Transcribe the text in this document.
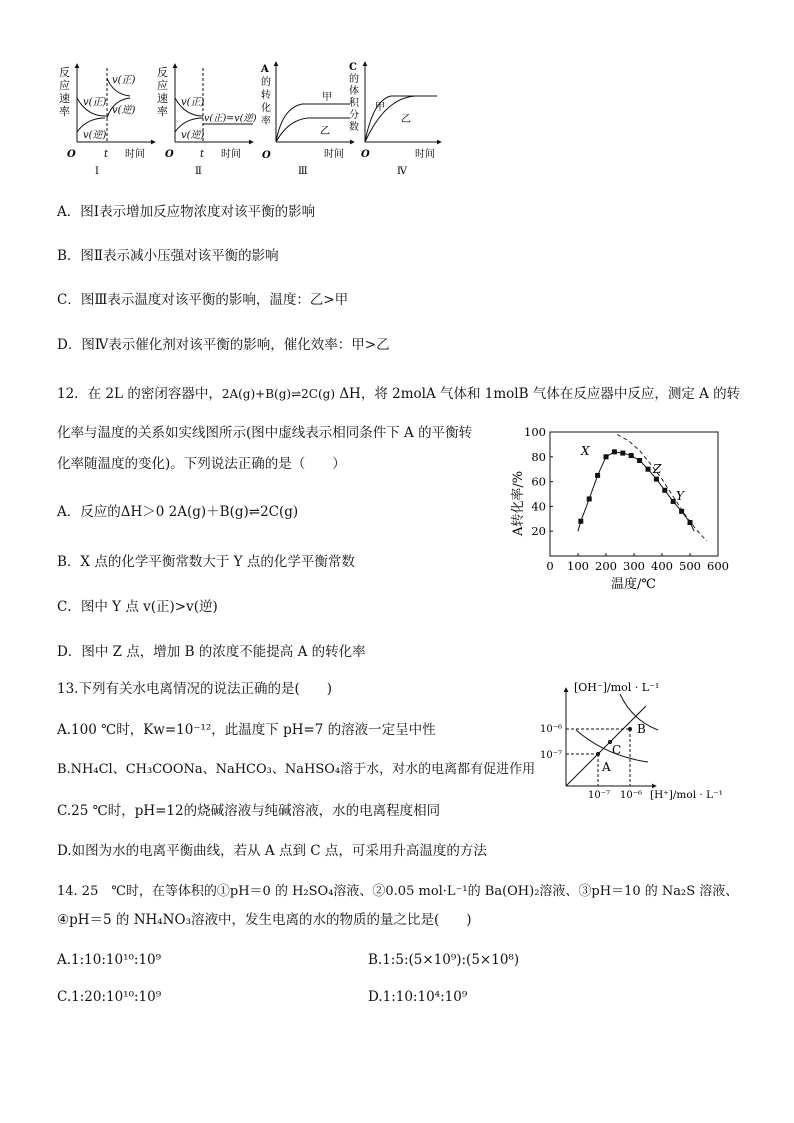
反
应
速
率
v(正)
v(逆)
v(正)
v(逆)
O	t 时间
Ⅰ
反
应
速
率
v(正)
v(逆)
v(正)=v(逆)
O	t 时间
Ⅱ
A
的
转
化
率
甲
乙
时间
Ⅲ
C
的
体
积
分
数
甲
乙
O	时间
Ⅳ
O
A．图Ⅰ表示增加反应物浓度对该平衡的影响
B．图Ⅱ表示减小压强对该平衡的影响
C．图Ⅲ表示温度对该平衡的影响，温度：乙>甲
D．图Ⅳ表示催化剂对该平衡的影响，催化效率：甲>乙
12．在 2L 的密闭容器中，2A(g)+B(g)⇌2C(g) ΔH，将 2molA 气体和 1molB 气体在反应器中反应，测定 A 的转
化率与温度的关系如实线图所示(图中虚线表示相同条件下 A 的平衡转
化率随温度的变化)。下列说法正确的是（　　）
A．反应的ΔH＞0 2A(g)＋B(g)⇌2C(g)
B．X 点的化学平衡常数大于 Y 点的化学平衡常数
C．图中 Y 点 v(正)>v(逆)
D．图中 Z 点，增加 B 的浓度不能提高 A 的转化率
0 100 200 300 400 500 600
20
40
60
80
100
X
Z
Y
A转化率/%
温度/℃
13.下列有关水电离情况的说法正确的是(　　)
A.100 ℃时，Kw=10⁻¹²，此温度下 pH=7 的溶液一定呈中性
B.NH₄Cl、CH₃COONa、NaHCO₃、NaHSO₄溶于水，对水的电离都有促进作用
C.25 ℃时，pH=12的烧碱溶液与纯碱溶液，水的电离程度相同
D.如图为水的电离平衡曲线，若从 A 点到 C 点，可采用升高温度的方法
[OH⁻]/mol · L⁻¹
B
C
A
10⁻⁶
10⁻⁷
10⁻⁷ 10⁻⁶ [H⁺]/mol · L⁻¹
14. 25　℃时，在等体积的①pH＝0 的 H₂SO₄溶液、②0.05 mol·L⁻¹的 Ba(OH)₂溶液、③pH＝10 的 Na₂S 溶液、
④pH＝5 的 NH₄NO₃溶液中，发生电离的水的物质的量之比是(　　)
A.1:10:10¹⁰:10⁹	B.1:5:(5×10⁹):(5×10⁸)
C.1:20:10¹⁰:10⁹	D.1:10:10⁴:10⁹
